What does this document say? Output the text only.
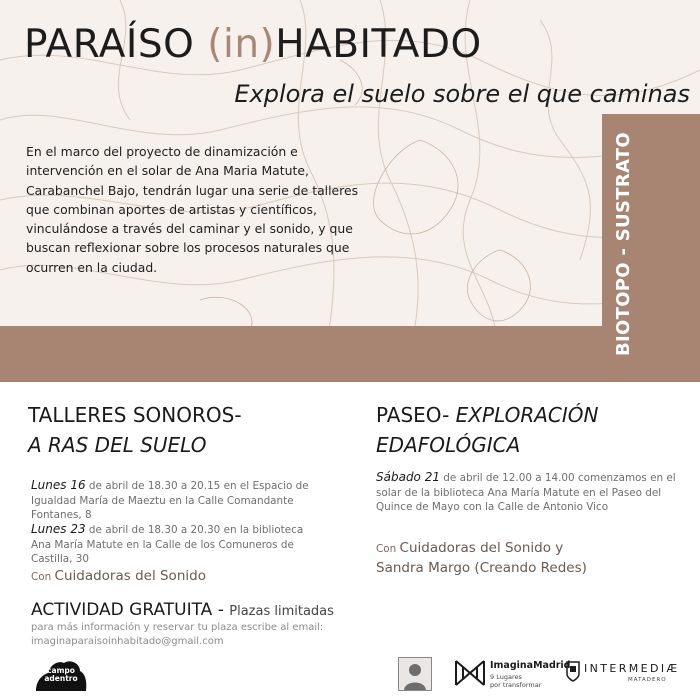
PARAÍSO (in)HABITADO
Explora el suelo sobre el que caminas
En el marco del proyecto de dinamización e intervención en el solar de Ana Maria Matute, Carabanchel Bajo, tendrán lugar una serie de talleres que combinan aportes de artistas y científicos, vinculándose a través del caminar y el sonido, y que buscan reflexionar sobre los procesos naturales que ocurren en la ciudad.	BIOTOPO - SUSTRATO
TALLERES SONOROS-
A RAS DEL SUELO
PASEO- EXPLORACIÓN
EDAFOLÓGICA
Lunes 16 de abril de 18.30 a 20.15 en el Espacio de Igualdad María de Maeztu en la Calle Comandante Fontanes, 8
Lunes 23 de abril de 18.30 a 20.30 en la biblioteca Ana María Matute en la Calle de los Comuneros de Castilla, 30
Con Cuidadoras del Sonido
Sábado 21 de abril de 12.00 a 14.00 comenzamos en el solar de la biblioteca Ana María Matute en el Paseo del Quince de Mayo con la Calle de Antonio Vico
Con Cuidadoras del Sonido y
Sandra Margo (Creando Redes)
ACTIVIDAD GRATUITA - Plazas limitadas
para más información y reservar tu plaza escribe al email:
imaginaparaisoinhabitado@gmail.com
campo
adentro
ImaginaMadrid
9 Lugares
por transformar
INTERMEDIÆ
MATADERO
